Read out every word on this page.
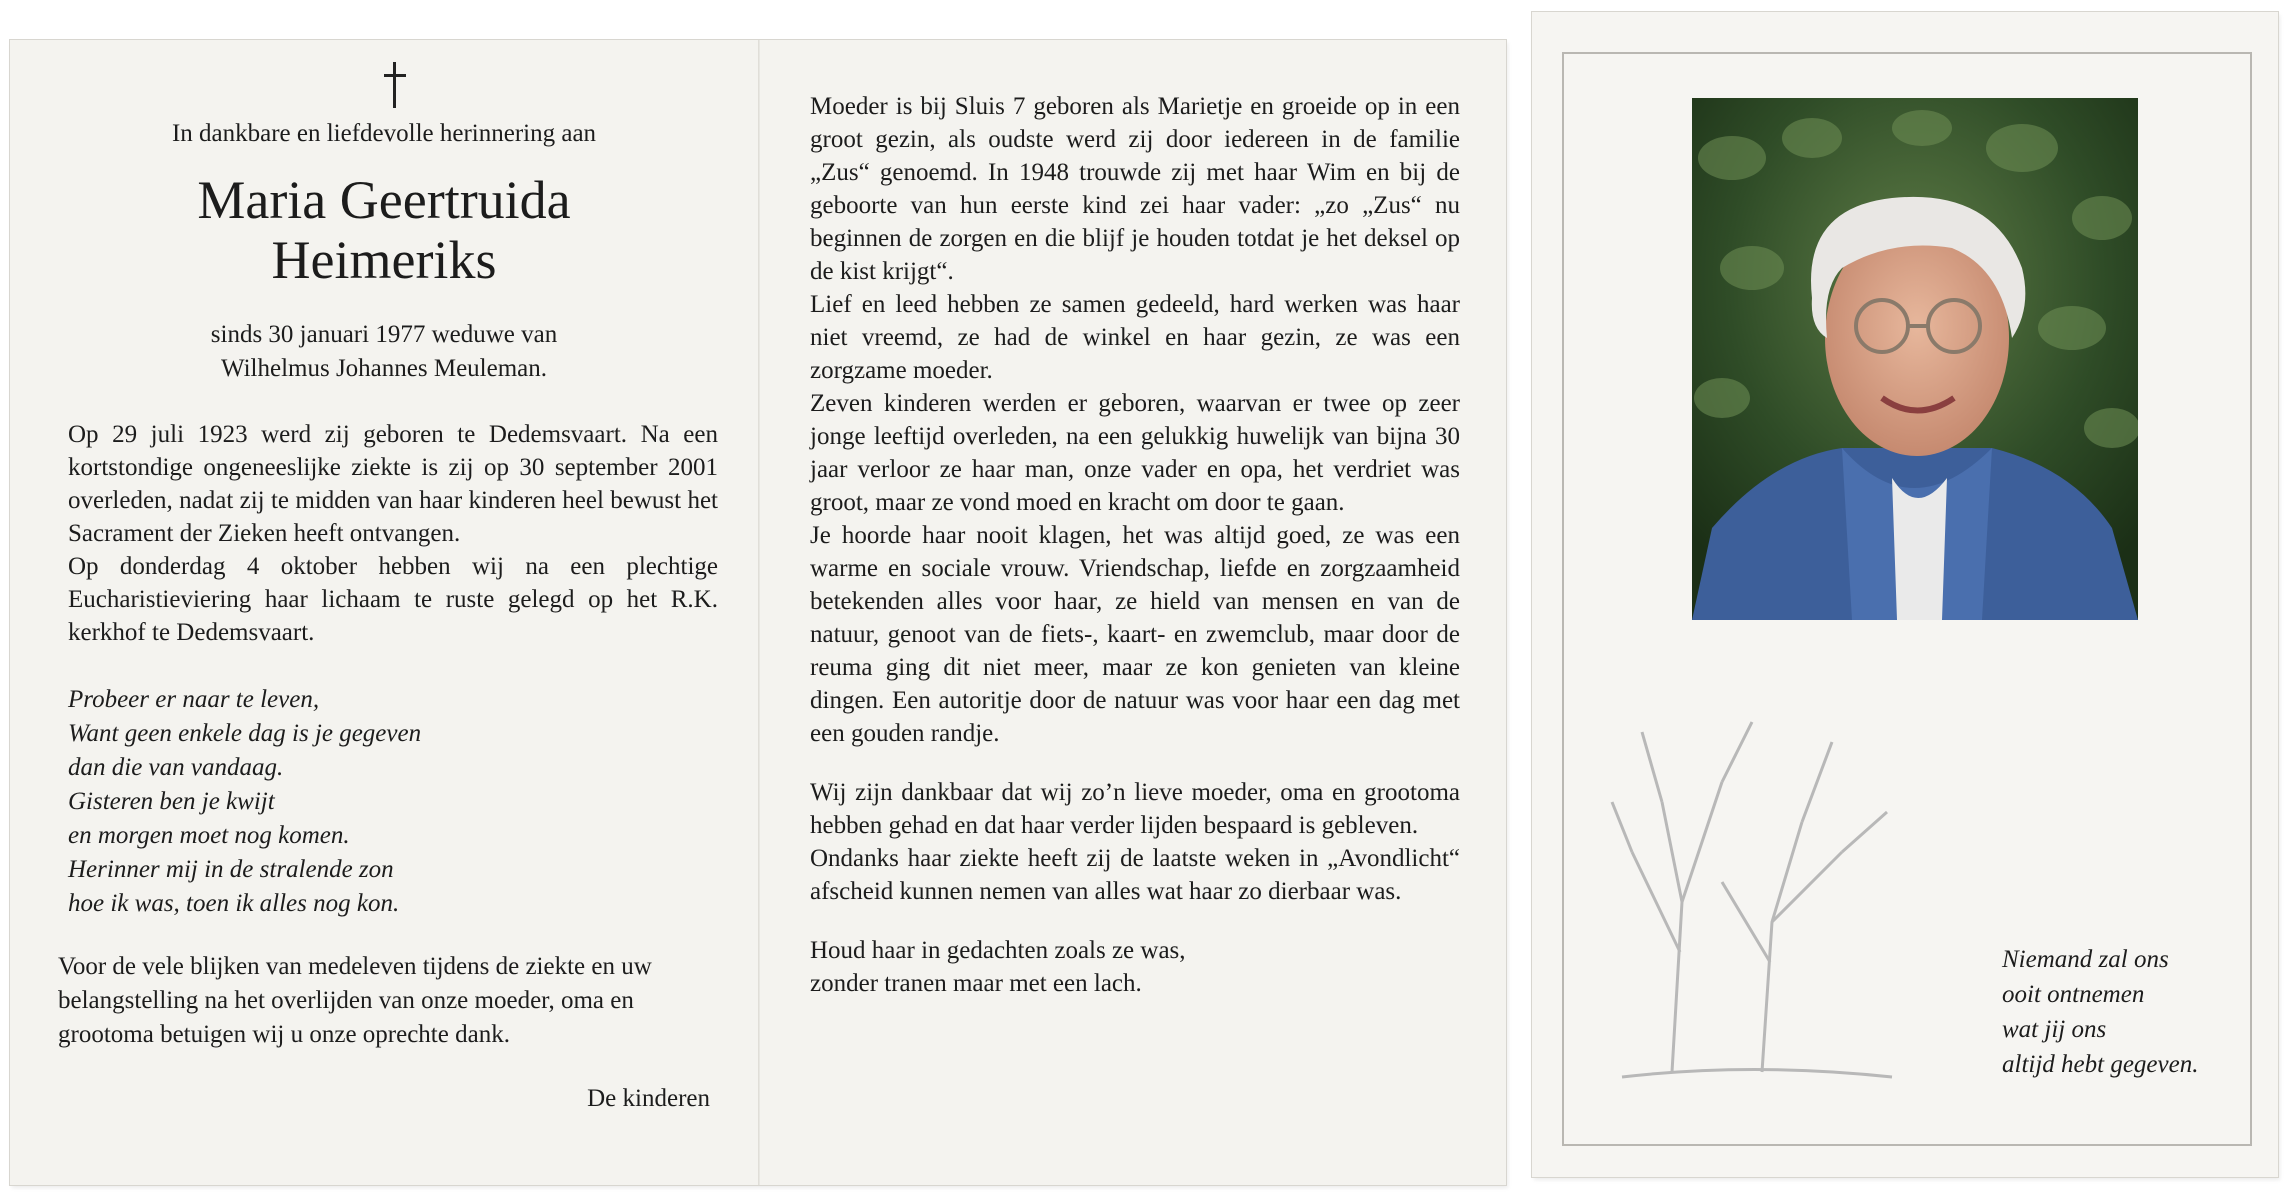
In dankbare en liefdevolle herinnering aan
Maria Geertruida
Heimeriks
sinds 30 januari 1977 weduwe van
Wilhelmus Johannes Meuleman.
Op 29 juli 1923 werd zij geboren te Dedemsvaart. Na een kortstondige ongeneeslijke ziekte is zij op 30 september 2001 overleden, nadat zij te midden van haar kinderen heel bewust het Sacrament der Zieken heeft ontvangen.
Op donderdag 4 oktober hebben wij na een plechtige Eucharistieviering haar lichaam te ruste gelegd op het R.K. kerkhof te Dedemsvaart.
Probeer er naar te leven,
Want geen enkele dag is je gegeven
dan die van vandaag.
Gisteren ben je kwijt
en morgen moet nog komen.
Herinner mij in de stralende zon
hoe ik was, toen ik alles nog kon.
Voor de vele blijken van medeleven tijdens de ziekte en uw belangstelling na het overlijden van onze moeder, oma en grootoma betuigen wij u onze oprechte dank.
De kinderen
Moeder is bij Sluis 7 geboren als Marietje en groeide op in een groot gezin, als oudste werd zij door iedereen in de familie „Zus“ genoemd. In 1948 trouwde zij met haar Wim en bij de geboorte van hun eerste kind zei haar vader: „zo „Zus“ nu beginnen de zorgen en die blijf je houden totdat je het deksel op de kist krijgt“.
Lief en leed hebben ze samen gedeeld, hard werken was haar niet vreemd, ze had de winkel en haar gezin, ze was een zorgzame moeder.
Zeven kinderen werden er geboren, waarvan er twee op zeer jonge leeftijd overleden, na een gelukkig huwelijk van bijna 30 jaar verloor ze haar man, onze vader en opa, het verdriet was groot, maar ze vond moed en kracht om door te gaan.
Je hoorde haar nooit klagen, het was altijd goed, ze was een warme en sociale vrouw. Vriendschap, liefde en zorgzaamheid betekenden alles voor haar, ze hield van mensen en van de natuur, genoot van de fiets-, kaart- en zwemclub, maar door de reuma ging dit niet meer, maar ze kon genieten van kleine dingen. Een autoritje door de natuur was voor haar een dag met een gouden randje.
Wij zijn dankbaar dat wij zo’n lieve moeder, oma en grootoma hebben gehad en dat haar verder lijden bespaard is gebleven.
Ondanks haar ziekte heeft zij de laatste weken in „Avondlicht“ afscheid kunnen nemen van alles wat haar zo dierbaar was.
Houd haar in gedachten zoals ze was,
zonder tranen maar met een lach.
Niemand zal ons
ooit ontnemen
wat jij ons
altijd hebt gegeven.
